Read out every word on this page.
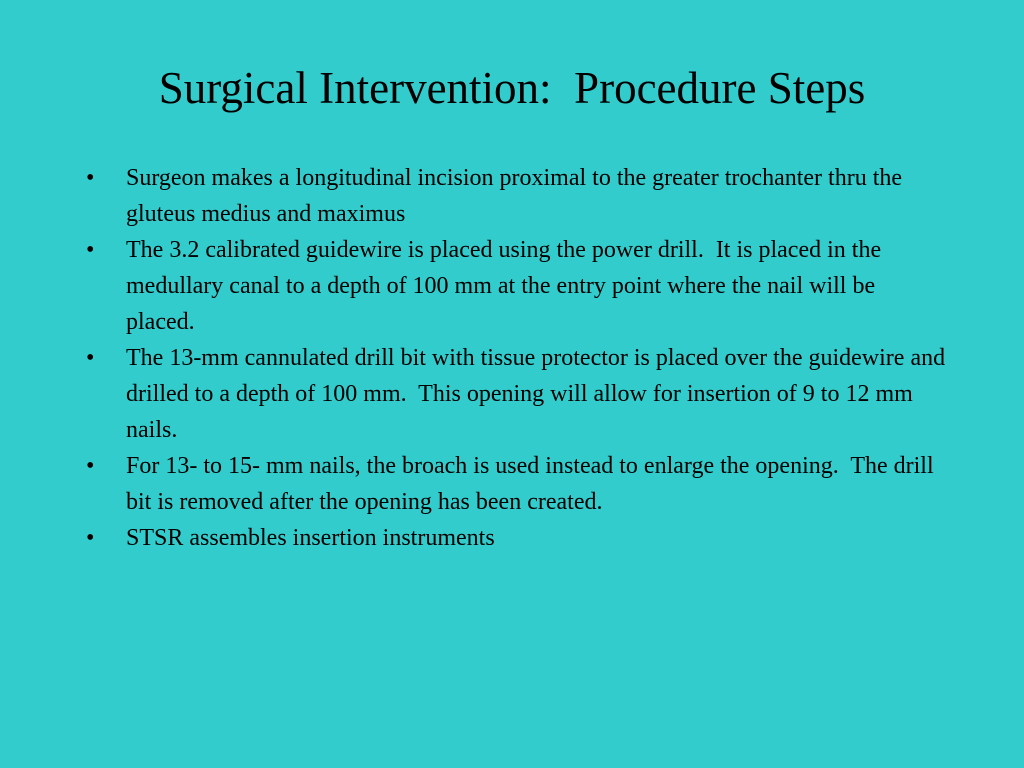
Surgical Intervention:  Procedure Steps
•	Surgeon makes a longitudinal incision proximal to the greater trochanter thru the gluteus medius and maximus
•	The 3.2 calibrated guidewire is placed using the power drill.  It is placed in the medullary canal to a depth of 100 mm at the entry point where the nail will be placed.
•	The 13-mm cannulated drill bit with tissue protector is placed over the guidewire and drilled to a depth of 100 mm.  This opening will allow for insertion of 9 to 12 mm nails.
•	For 13- to 15- mm nails, the broach is used instead to enlarge the opening.  The drill bit is removed after the opening has been created.
•	STSR assembles insertion instruments
